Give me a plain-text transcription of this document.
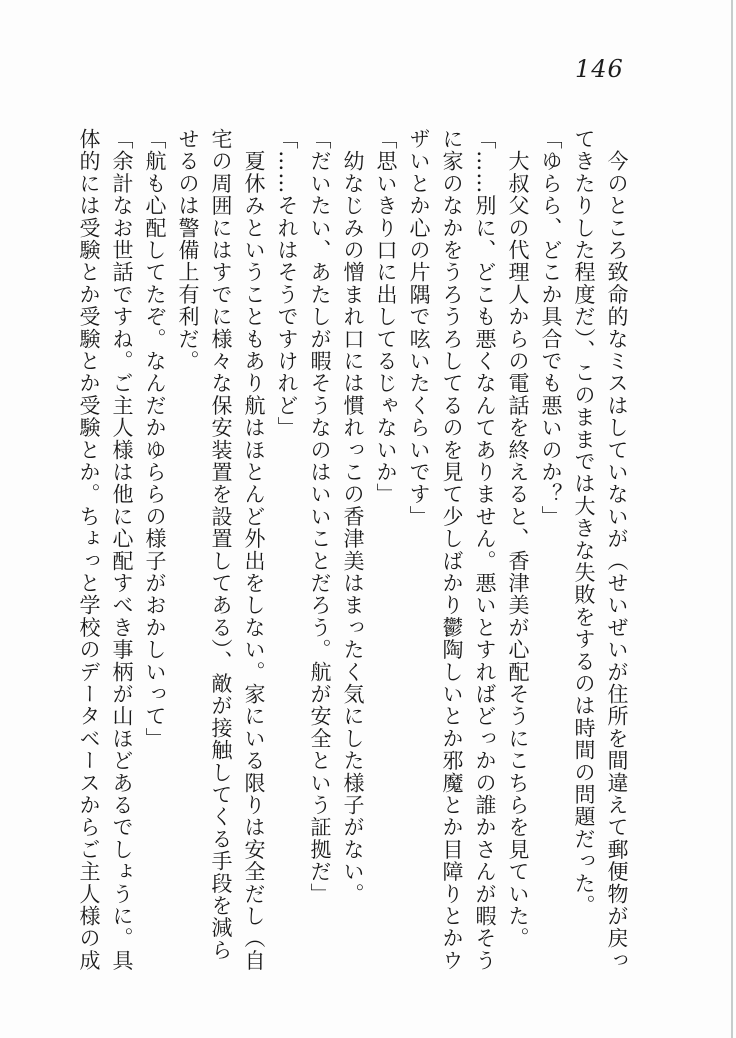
146
　今のところ致命的なミスはしていないが（せいぜいが住所を間違えて郵便物が戻っ
てきたりした程度だ）、このままでは大きな失敗をするのは時間の問題だった。
「ゆらら、どこか具合でも悪いのか？」
　大叔父の代理人からの電話を終えると、香津美が心配そうにこちらを見ていた。
「……別に、どこも悪くなんてありません。悪いとすればどっかの誰かさんが暇そう
に家のなかをうろうろしてるのを見て少しばかり鬱陶しいとか邪魔とか目障りとかウ
ザいとか心の片隅で呟いたくらいです」
「思いきり口に出してるじゃないか」
　幼なじみの憎まれ口には慣れっこの香津美はまったく気にした様子がない。
「だいたい、あたしが暇そうなのはいいことだろう。航が安全という証拠だ」
「……それはそうですけれど」
　夏休みということもあり航はほとんど外出をしない。家にいる限りは安全だし（自
宅の周囲にはすでに様々な保安装置を設置してある）、敵が接触してくる手段を減ら
せるのは警備上有利だ。
「航も心配してたぞ。なんだかゆららの様子がおかしいって」
「余計なお世話ですね。ご主人様は他に心配すべき事柄が山ほどあるでしょうに。具
体的には受験とか受験とか受験とか。ちょっと学校のデータベースからご主人様の成
